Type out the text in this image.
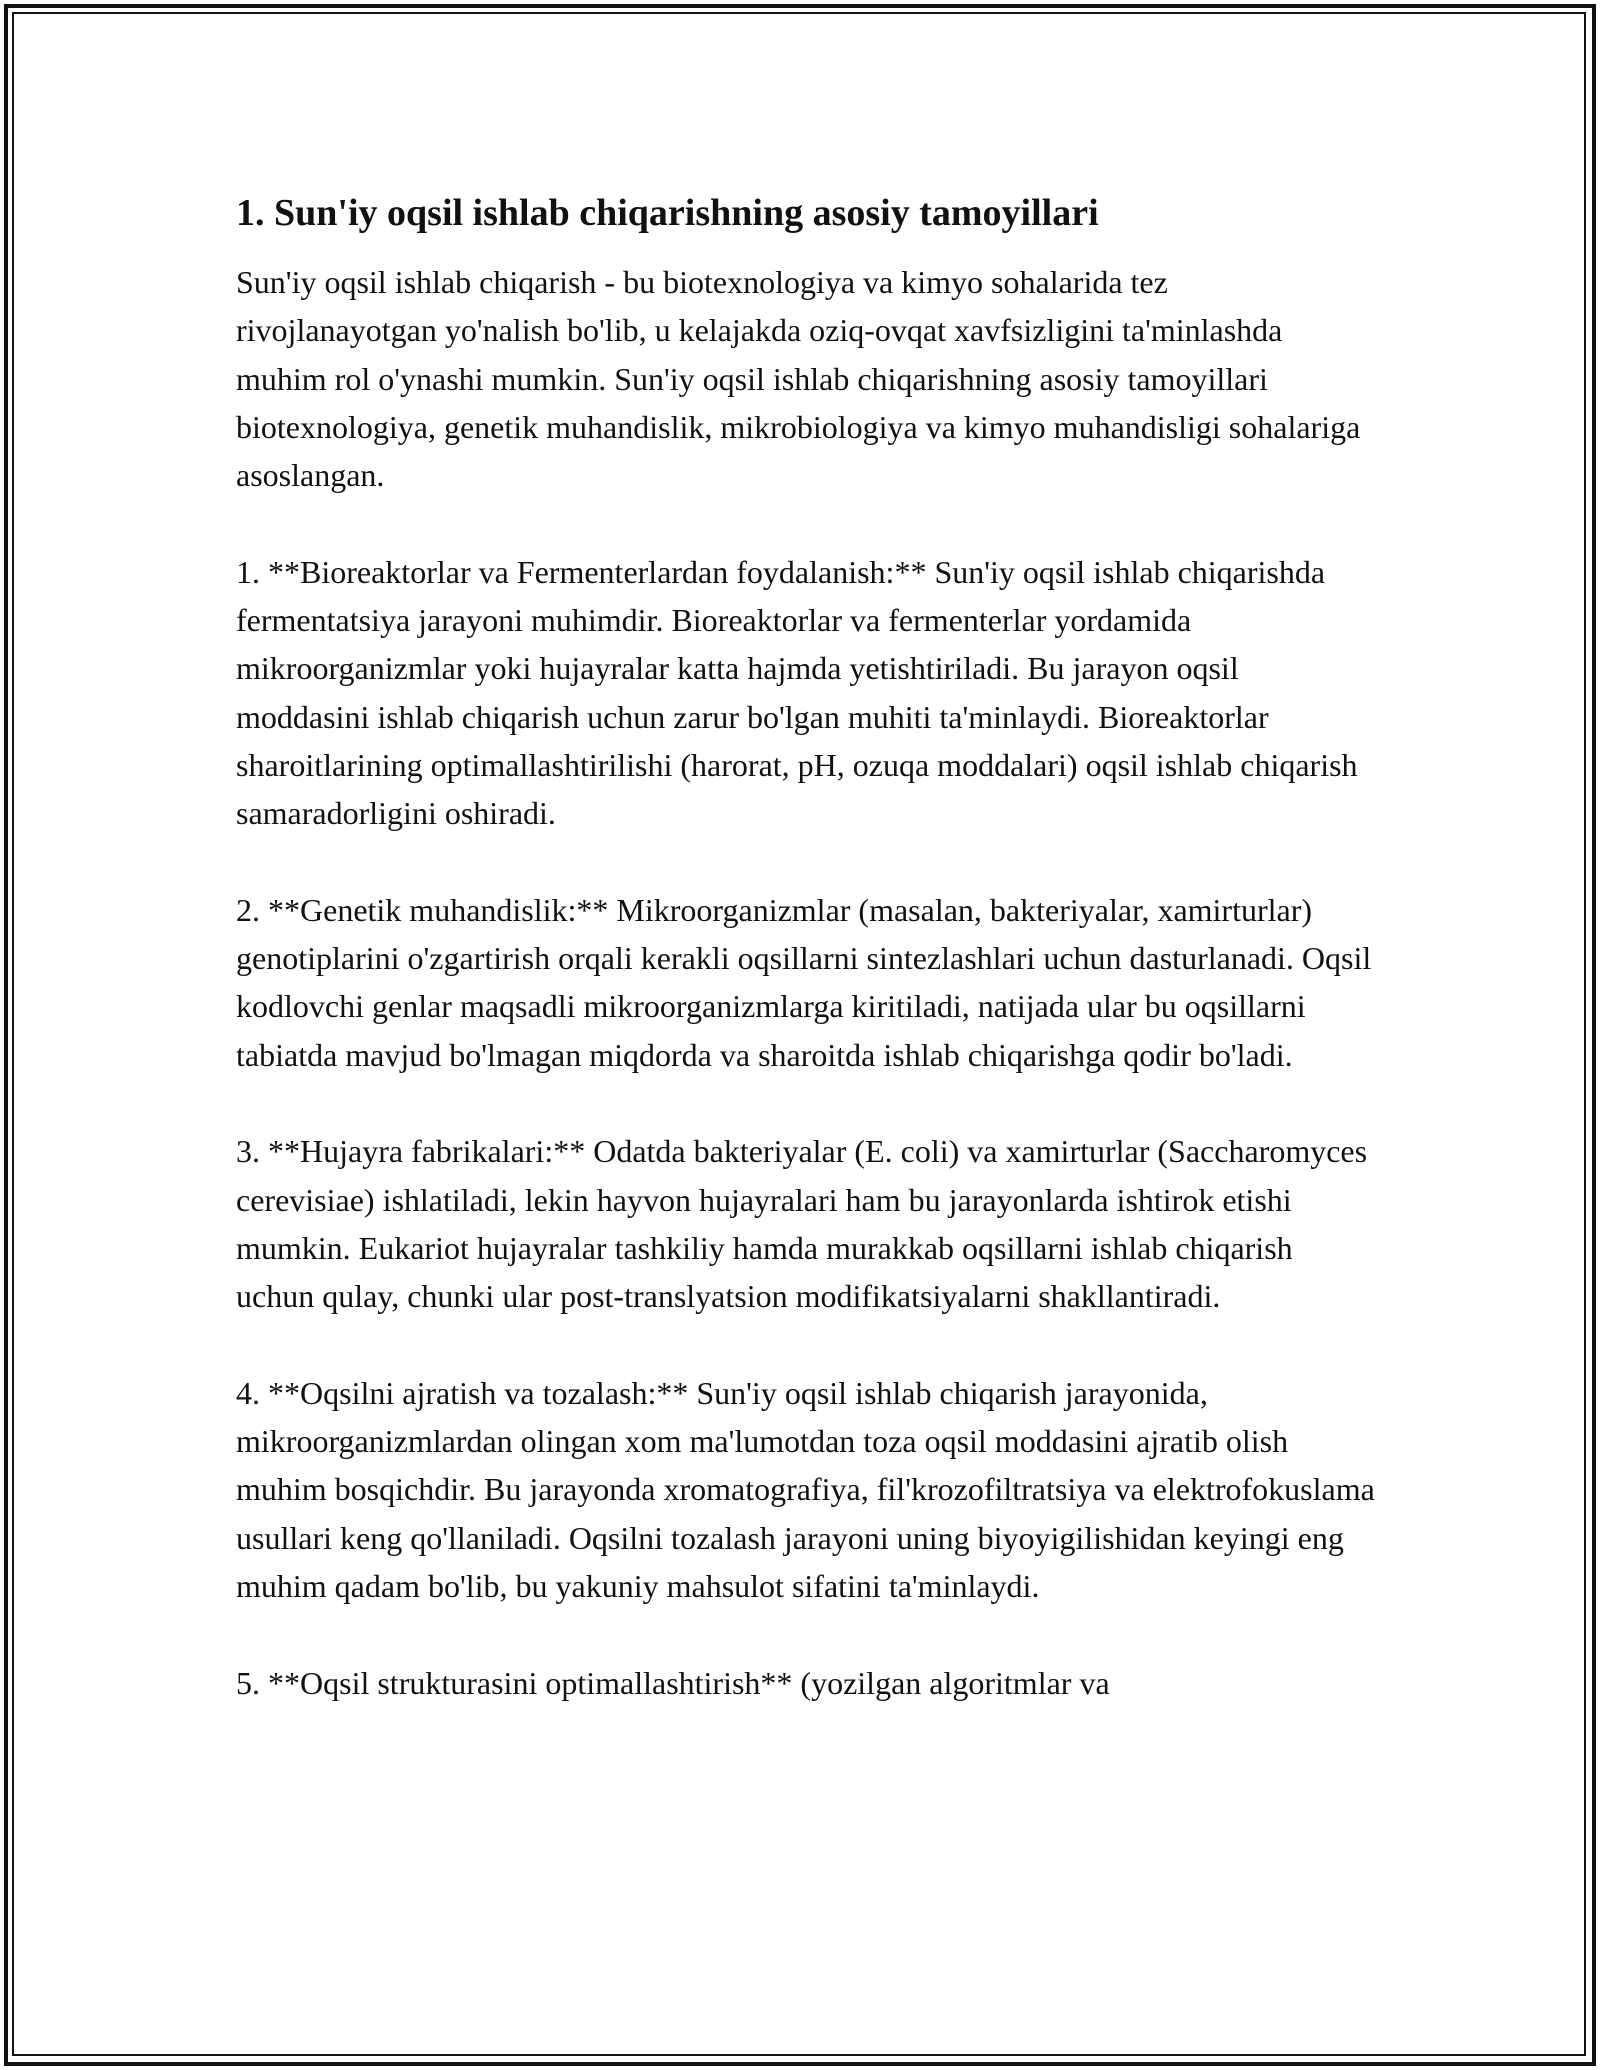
1. Sun'iy oqsil ishlab chiqarishning asosiy tamoyillari

Sun'iy oqsil ishlab chiqarish - bu biotexnologiya va kimyo sohalarida tez rivojlanayotgan yo'nalish bo'lib, u kelajakda oziq-ovqat xavfsizligini ta'minlashda muhim rol o'ynashi mumkin. Sun'iy oqsil ishlab chiqarishning asosiy tamoyillari biotexnologiya, genetik muhandislik, mikrobiologiya va kimyo muhandisligi sohalariga asoslangan.

1. **Bioreaktorlar va Fermenterlardan foydalanish:** Sun'iy oqsil ishlab chiqarishda fermentatsiya jarayoni muhimdir. Bioreaktorlar va fermenterlar yordamida mikroorganizmlar yoki hujayralar katta hajmda yetishtiriladi. Bu jarayon oqsil moddasini ishlab chiqarish uchun zarur bo'lgan muhiti ta'minlaydi. Bioreaktorlar sharoitlarining optimallashtirilishi (harorat, pH, ozuqa moddalari) oqsil ishlab chiqarish samaradorligini oshiradi.

2. **Genetik muhandislik:** Mikroorganizmlar (masalan, bakteriyalar, xamirturlar) genotiplarini o'zgartirish orqali kerakli oqsillarni sintezlashlari uchun dasturlanadi. Oqsil kodlovchi genlar maqsadli mikroorganizmlarga kiritiladi, natijada ular bu oqsillarni tabiatda mavjud bo'lmagan miqdorda va sharoitda ishlab chiqarishga qodir bo'ladi.

3. **Hujayra fabrikalari:** Odatda bakteriyalar (E. coli) va xamirturlar (Saccharomyces cerevisiae) ishlatiladi, lekin hayvon hujayralari ham bu jarayonlarda ishtirok etishi mumkin. Eukariot hujayralar tashkiliy hamda murakkab oqsillarni ishlab chiqarish uchun qulay, chunki ular post-translyatsion modifikatsiyalarni shakllantiradi.

4. **Oqsilni ajratish va tozalash:** Sun'iy oqsil ishlab chiqarish jarayonida, mikroorganizmlardan olingan xom ma'lumotdan toza oqsil moddasini ajratib olish muhim bosqichdir. Bu jarayonda xromatografiya, fil'krozofiltratsiya va elektrofokuslama usullari keng qo'llaniladi. Oqsilni tozalash jarayoni uning biyoyigilishidan keyingi eng muhim qadam bo'lib, bu yakuniy mahsulot sifatini ta'minlaydi.

5. **Oqsil strukturasini optimallashtirish** (yozilgan algoritmlar va
